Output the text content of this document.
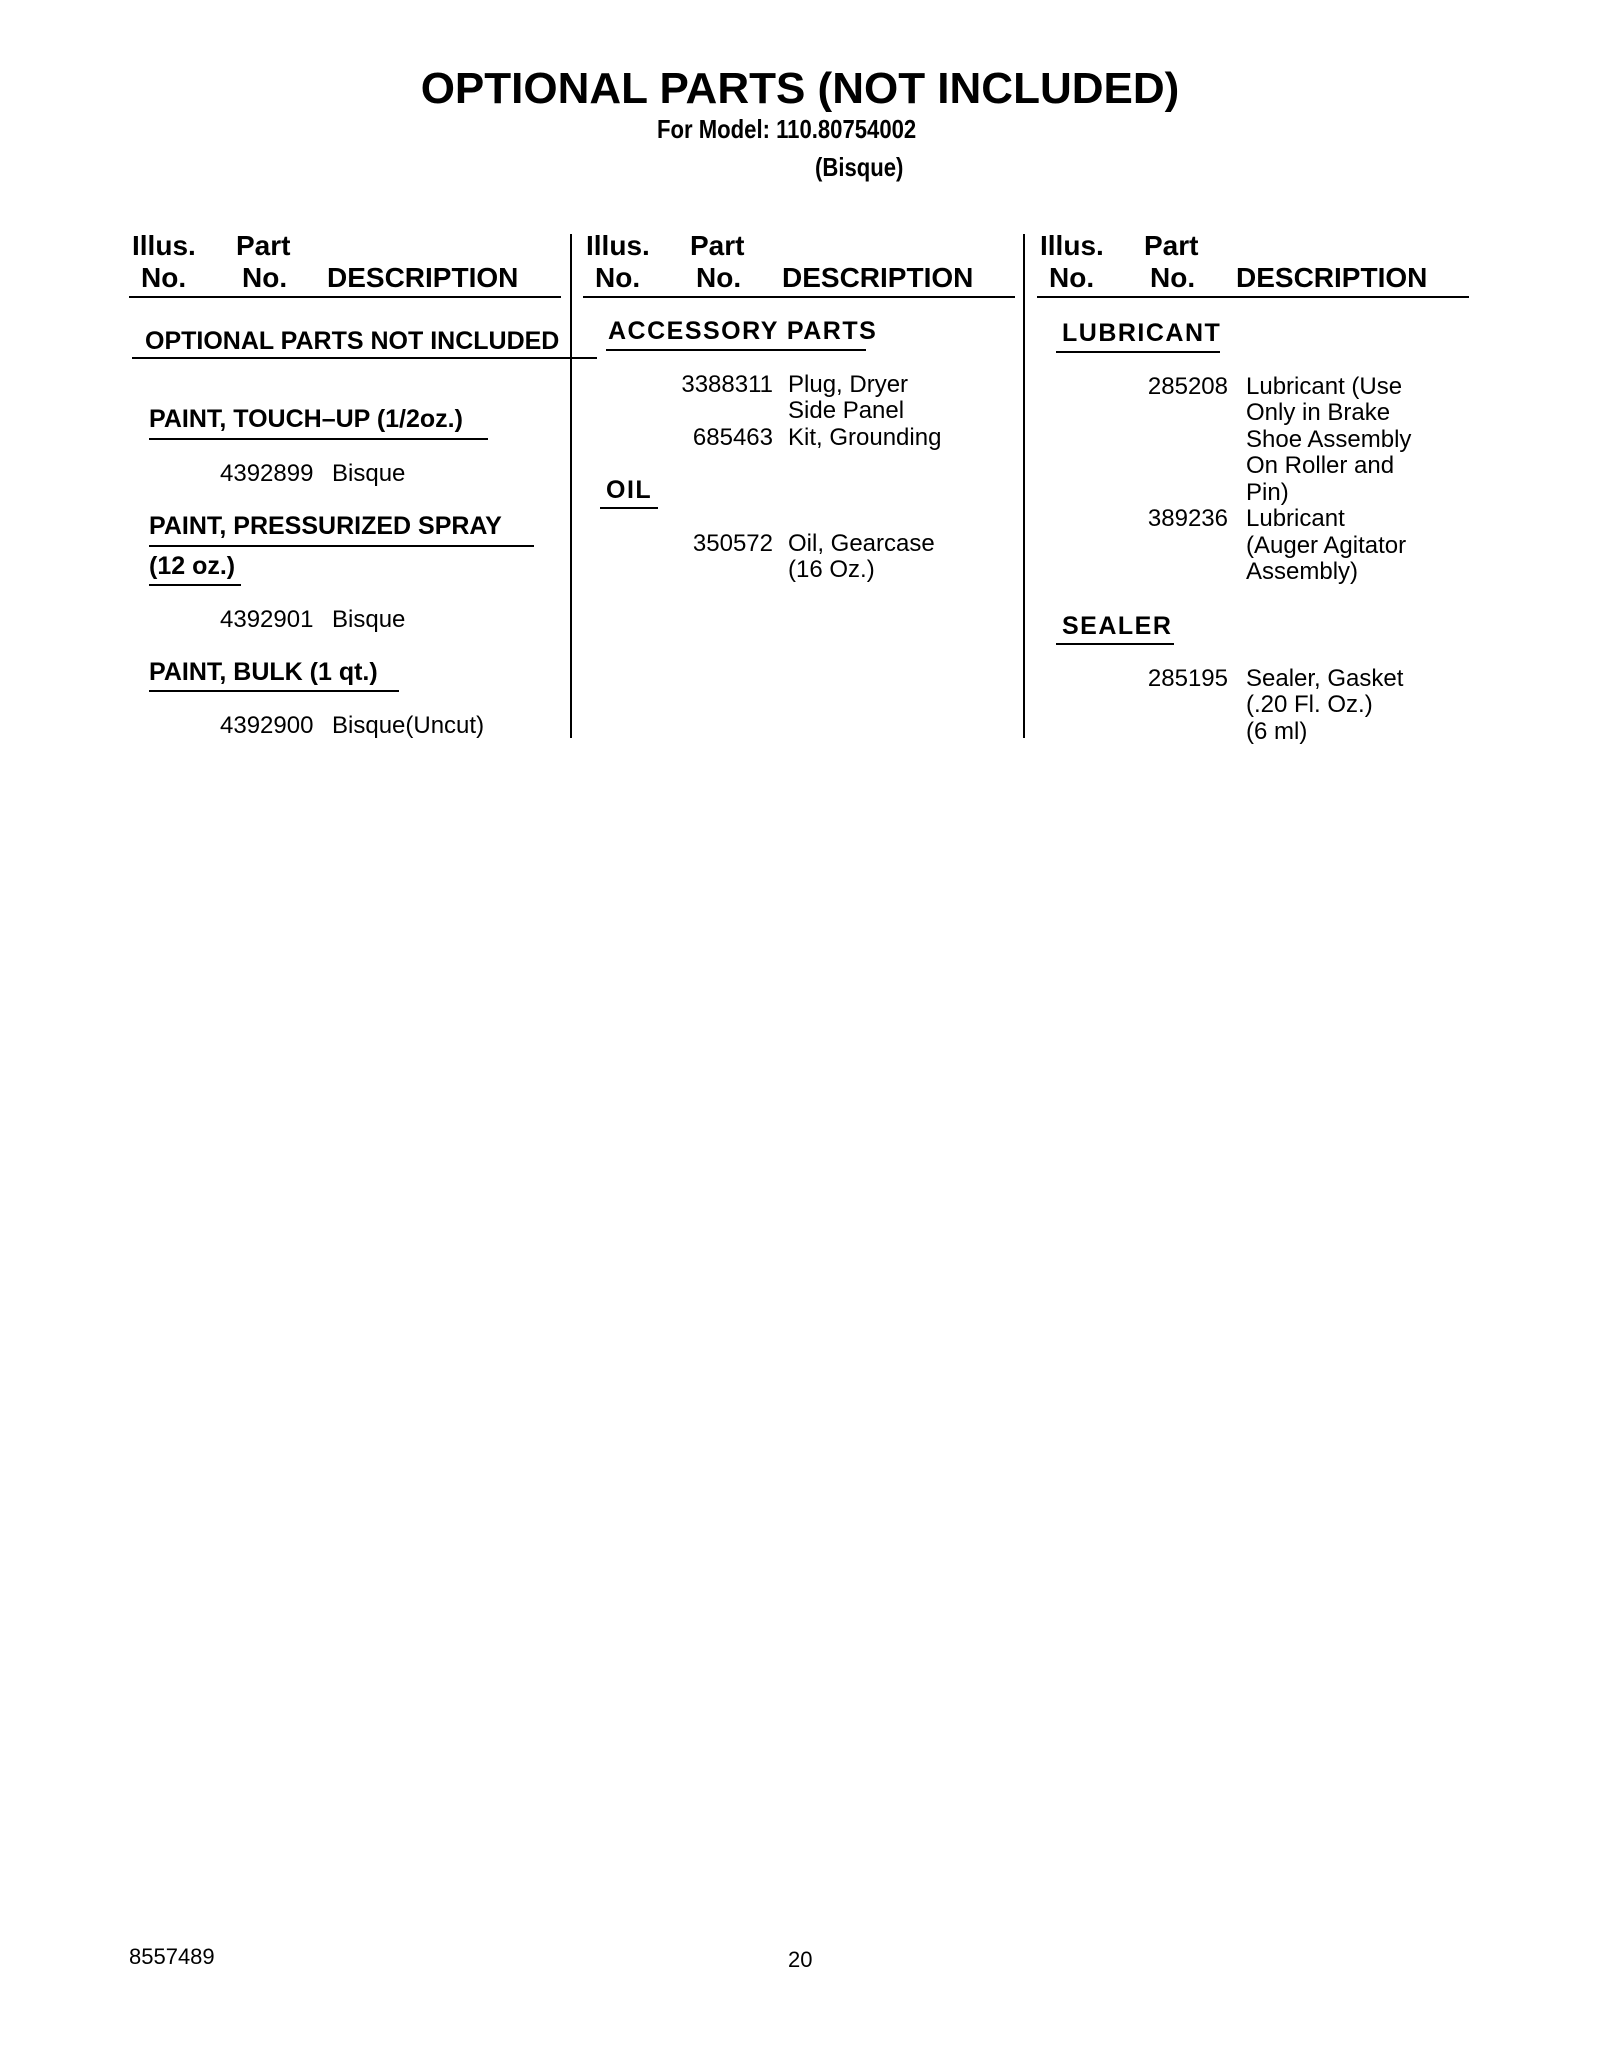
OPTIONAL PARTS (NOT INCLUDED)
For Model: 110.80754002
(Bisque)
Illus. Part
No. No. DESCRIPTION
Illus. Part
No. No. DESCRIPTION
Illus. Part
No. No. DESCRIPTION
OPTIONAL PARTS NOT INCLUDED
PAINT, TOUCH–UP (1/2oz.)
4392899 Bisque
PAINT, PRESSURIZED SPRAY
(12 oz.)
4392901 Bisque
PAINT, BULK (1 qt.)
4392900 Bisque(Uncut)
ACCESSORY PARTS
3388311 Plug, Dryer
Side Panel
685463 Kit, Grounding
OIL
350572 Oil, Gearcase
(16 Oz.)
LUBRICANT
285208 Lubricant (Use
Only in Brake
Shoe Assembly
On Roller and
Pin)
389236 Lubricant
(Auger Agitator
Assembly)
SEALER
285195 Sealer, Gasket
(.20 Fl. Oz.)
(6 ml)
8557489	20
